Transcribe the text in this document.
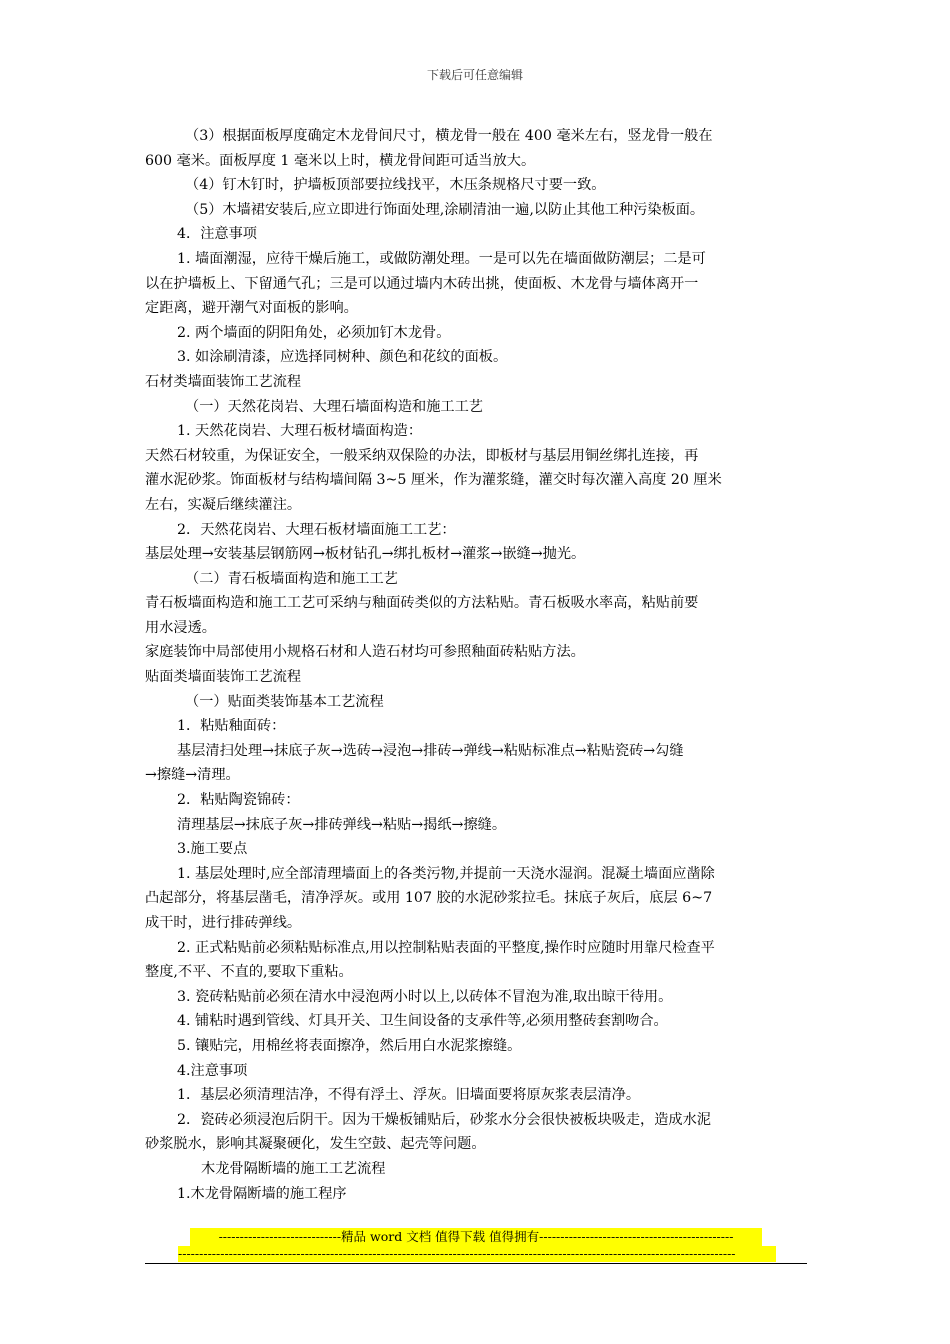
下载后可任意编辑
（3）根据面板厚度确定木龙骨间尺寸，横龙骨一般在 400 毫米左右，竖龙骨一般在
600 毫米。面板厚度 1 毫米以上时，横龙骨间距可适当放大。
（4）钉木钉时，护墙板顶部要拉线找平，木压条规格尺寸要一致。
（5）木墙裙安装后,应立即进行饰面处理,涂刷清油一遍,以防止其他工种污染板面。
4．注意事项
1. 墙面潮湿，应待干燥后施工，或做防潮处理。一是可以先在墙面做防潮层；二是可
以在护墙板上、下留通气孔；三是可以通过墙内木砖出挑，使面板、木龙骨与墙体离开一
定距离，避开潮气对面板的影响。
2. 两个墙面的阴阳角处，必须加钉木龙骨。
3. 如涂刷清漆，应选择同树种、颜色和花纹的面板。
石材类墙面装饰工艺流程
（一）天然花岗岩、大理石墙面构造和施工工艺
1. 天然花岗岩、大理石板材墙面构造：
天然石材较重，为保证安全，一般采纳双保险的办法，即板材与基层用铜丝绑扎连接，再
灌水泥砂浆。饰面板材与结构墙间隔 3~5 厘米，作为灌浆缝，灌交时每次灌入高度 20 厘米
左右，实凝后继续灌注。
2．天然花岗岩、大理石板材墙面施工工艺：
基层处理→安装基层钢筋网→板材钻孔→绑扎板材→灌浆→嵌缝→抛光。
（二）青石板墙面构造和施工工艺
青石板墙面构造和施工工艺可采纳与釉面砖类似的方法粘贴。青石板吸水率高，粘贴前要
用水浸透。
家庭装饰中局部使用小规格石材和人造石材均可参照釉面砖粘贴方法。
贴面类墙面装饰工艺流程
（一）贴面类装饰基本工艺流程
1．粘贴釉面砖：
基层清扫处理→抹底子灰→选砖→浸泡→排砖→弹线→粘贴标准点→粘贴瓷砖→勾缝
→擦缝→清理。
2．粘贴陶瓷锦砖：
清理基层→抹底子灰→排砖弹线→粘贴→揭纸→擦缝。
3.施工要点
1. 基层处理时,应全部清理墙面上的各类污物,并提前一天浇水湿润。混凝土墙面应凿除
凸起部分，将基层凿毛，清净浮灰。或用 107 胶的水泥砂浆拉毛。抹底子灰后，底层 6~7
成干时，进行排砖弹线。
2. 正式粘贴前必须粘贴标准点,用以控制粘贴表面的平整度,操作时应随时用靠尺检查平
整度,不平、不直的,要取下重粘。
3. 瓷砖粘贴前必须在清水中浸泡两小时以上,以砖体不冒泡为准,取出晾干待用。
4. 铺粘时遇到管线、灯具开关、卫生间设备的支承件等,必须用整砖套割吻合。
5. 镶贴完，用棉丝将表面擦净，然后用白水泥浆擦缝。
4.注意事项
1．基层必须清理洁净，不得有浮土、浮灰。旧墙面要将原灰浆表层清净。
2．瓷砖必须浸泡后阴干。因为干燥板铺贴后，砂浆水分会很快被板块吸走，造成水泥
砂浆脱水，影响其凝聚硬化，发生空鼓、起壳等问题。
木龙骨隔断墙的施工工艺流程
1.木龙骨隔断墙的施工程序
-----------------------------精品 word 文档 值得下载 值得拥有----------------------------------------------
------------------------------------------------------------------------------------------------------------------------------------
